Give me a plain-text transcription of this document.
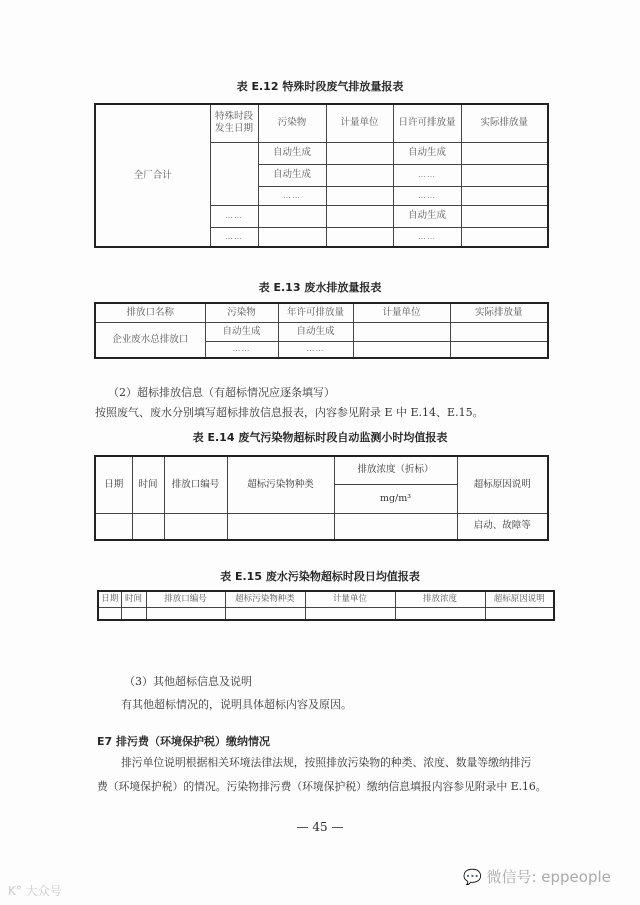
表 E.12 特殊时段废气排放量报表
全厂合计	特殊时段发生日期	污染物	计量单位	日许可排放量	实际排放量
		自动生成		自动生成	
		自动生成		……	
		……		……	
	……			自动生成	
	……			……	
表 E.13 废水排放量报表
排放口名称	污染物	年许可排放量	计量单位	实际排放量
企业废水总排放口	自动生成	自动生成		
	……	……		
（2）超标排放信息（有超标情况应逐条填写）
按照废气、废水分别填写超标排放信息报表，内容参见附录 E 中 E.14、E.15。
表 E.14 废气污染物超标时段自动监测小时均值报表
日期	时间	排放口编号	超标污染物种类	排放浓度（折标）	超标原因说明
				mg/m³	
					启动、故障等
表 E.15 废水污染物超标时段日均值报表
日期	时间	排放口编号	超标污染物种类	计量单位	排放浓度	超标原因说明

（3）其他超标信息及说明
有其他超标情况的，说明具体超标内容及原因。
E7 排污费（环境保护税）缴纳情况
排污单位说明根据相关环境法律法规，按照排放污染物的种类、浓度、数量等缴纳排污
费（环境保护税）的情况。污染物排污费（环境保护税）缴纳信息填报内容参见附录中 E.16。
— 45 —
💬 微信号: eppeople
K° 大众号
